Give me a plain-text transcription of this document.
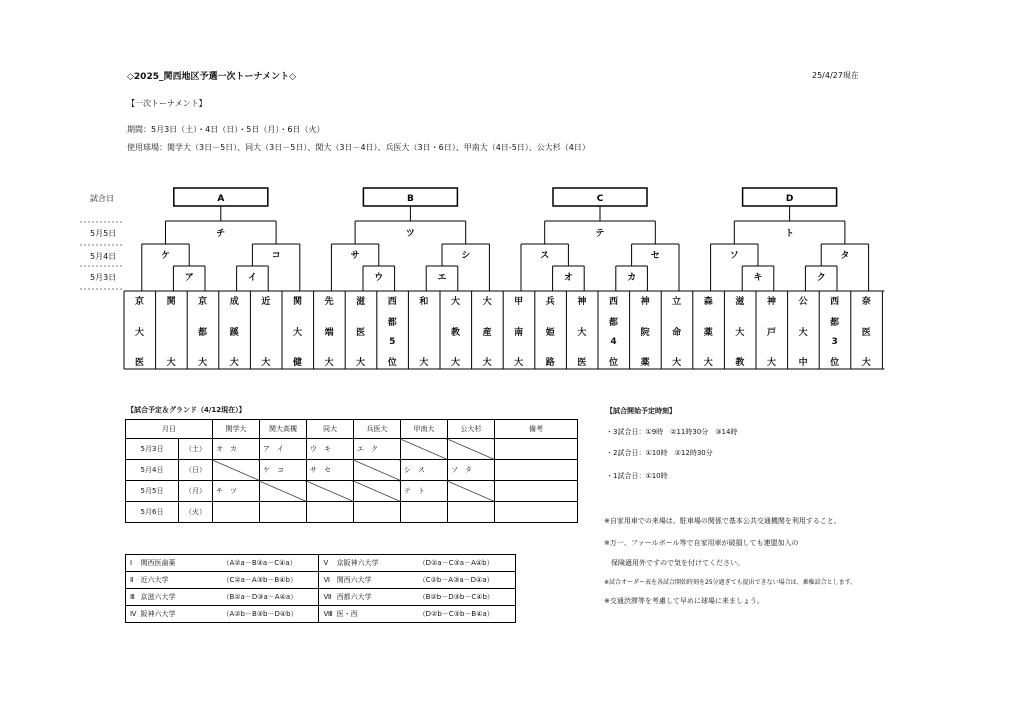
◇2025_関西地区予選一次トーナメント◇	25/4/27現在
【一次トーナメント】
期間：5月3日（土）・4日（日）・5日（月）・6日（火）
使用球場：関学大（3日－5日）、同大（3日－5日）、関大（3日－4日）、兵医大（3日・6日）、甲南大（4日-5日）、公大杉（4日）
試合日
5月5日
5月4日
5月3日
A
チ
ケ	コ
ア	イ
B
ツ
サ	シ
ウ	エ
C
テ
ス	セ
オ	カ
D
ト
ソ	タ
キ	ク
京
大
医
関
大
京
都
大
成
蹊
大
近
大
関
大
健
先
端
大
滋
医
大
西
都
5
位
和
大
大
教
大
大
産
大
甲
南
大
兵
姫
路
神
大
医
西
都
4
位
神
院
薬
立
命
大
森
薬
大
滋
大
教
神
戸
大
公
大
中
西
都
3
位
奈
医
大
【試合予定＆グランド（4/12現在）】
月日		関学大	関大高槻	同大	兵医大	甲南大	公大杉	備考
5月3日	（土）	オ　カ	ア　イ	ウ　キ	エ　ク			
5月4日	（日）		ケ　コ	サ　セ		シ　ス	ソ　タ	
5月5日	（月）	チ　ツ				テ　ト		
5月6日	（火）							
Ⅰ	関西医歯薬	（A②a－B③a－C④a）	Ⅴ	京阪神六大学	（D②a－C③a－A④b）
Ⅱ	近六大学	（C②a－A③b－B④b）	Ⅵ	関西六大学	（C②b－A③a－D④a）
Ⅲ	京滋六大学	（B②a－D③a－A④a）	Ⅶ	西都六大学	（B②b－D③b－C④b）
Ⅳ	阪神六大学	（A②b－B③b－D④b）	Ⅷ	医・西	（D②b－C③b－B④a）
【試合開始予定時刻】
・3試合日：①9時　②11時30分　③14時
・2試合日：①10時　②12時30分
・1試合日：①10時
※自家用車での来場は、駐車場の関係で基本公共交通機関を利用すること。
※万一、ファールボール等で自家用車が破損しても連盟加入の
　保険適用外ですので気を付けてください。
※試合オーダー表を各試合開始時刻を25分過ぎても提出できない場合は、棄権試合とします。
※交通渋滞等を考慮して早めに球場に来ましょう。
